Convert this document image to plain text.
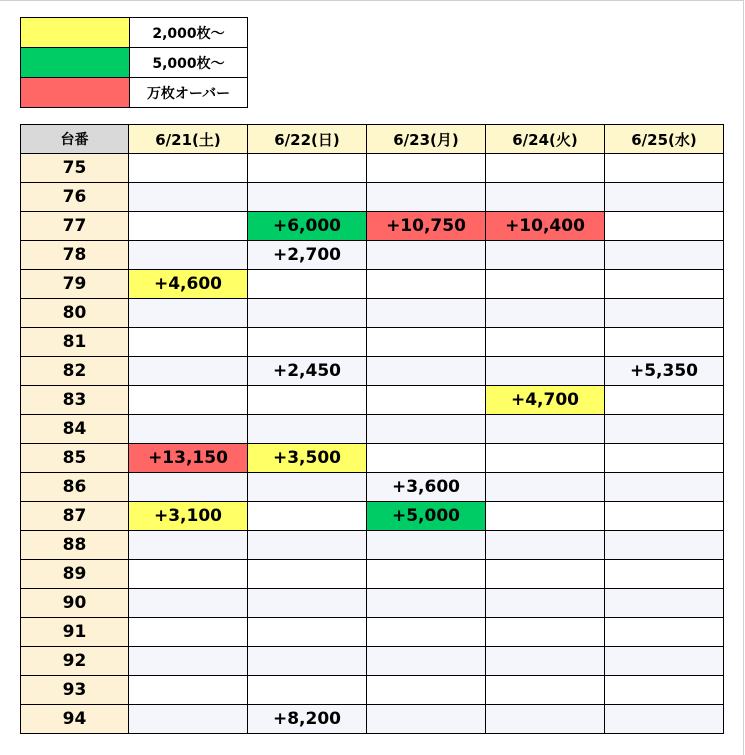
	2,000枚～
	5,000枚～
	万枚オーバー
台番	6/21(土)	6/22(日)	6/23(月)	6/24(火)	6/25(水)
75					
76					
77		+6,000	+10,750	+10,400	
78		+2,700			
79	+4,600				
80					
81					
82		+2,450			+5,350
83				+4,700	
84					
85	+13,150	+3,500			
86			+3,600		
87	+3,100		+5,000		
88					
89					
90					
91					
92					
93					
94		+8,200			
